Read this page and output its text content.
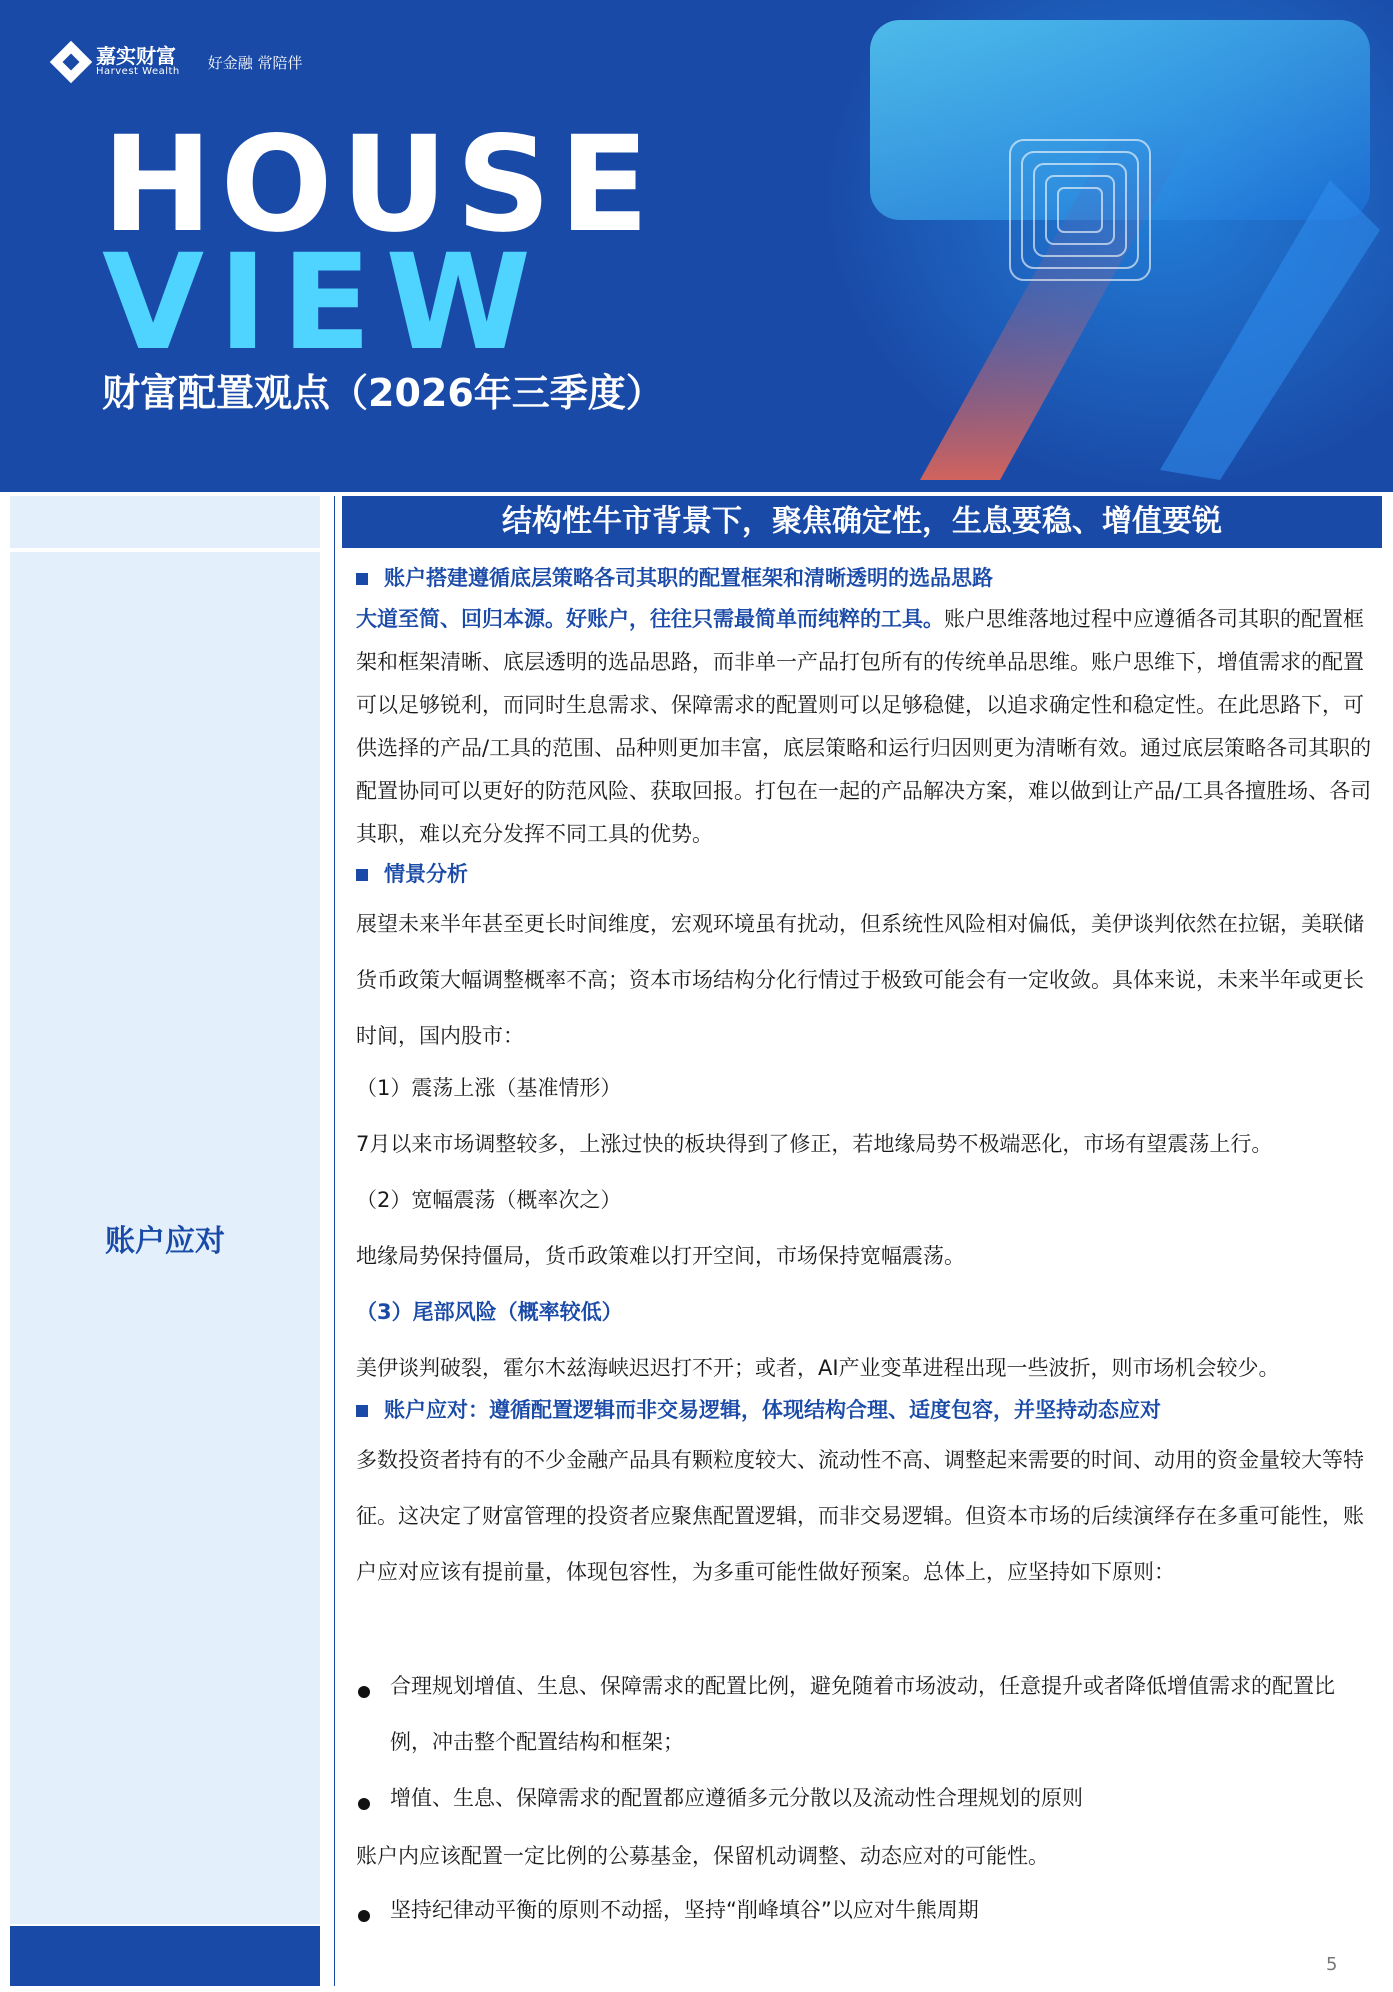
嘉实财富
Harvest Wealth 好金融 常陪伴
HOUSE
VIEW
财富配置观点（2026年三季度）
账户应对
结构性牛市背景下，聚焦确定性，生息要稳、增值要锐
账户搭建遵循底层策略各司其职的配置框架和清晰透明的选品思路
大道至简、回归本源。好账户，往往只需最简单而纯粹的工具。账户思维落地过程中应遵循各司其职的配置框架和框架清晰、底层透明的选品思路，而非单一产品打包所有的传统单品思维。账户思维下，增值需求的配置可以足够锐利，而同时生息需求、保障需求的配置则可以足够稳健，以追求确定性和稳定性。在此思路下，可供选择的产品/工具的范围、品种则更加丰富，底层策略和运行归因则更为清晰有效。通过底层策略各司其职的配置协同可以更好的防范风险、获取回报。打包在一起的产品解决方案，难以做到让产品/工具各擅胜场、各司其职，难以充分发挥不同工具的优势。
情景分析
展望未来半年甚至更长时间维度，宏观环境虽有扰动，但系统性风险相对偏低，美伊谈判依然在拉锯，美联储货币政策大幅调整概率不高；资本市场结构分化行情过于极致可能会有一定收敛。具体来说，未来半年或更长时间，国内股市：
（1）震荡上涨（基准情形）
7月以来市场调整较多，上涨过快的板块得到了修正，若地缘局势不极端恶化，市场有望震荡上行。
（2）宽幅震荡（概率次之）
地缘局势保持僵局，货币政策难以打开空间，市场保持宽幅震荡。
（3）尾部风险（概率较低）
美伊谈判破裂，霍尔木兹海峡迟迟打不开；或者，AI产业变革进程出现一些波折，则市场机会较少。
账户应对：遵循配置逻辑而非交易逻辑，体现结构合理、适度包容，并坚持动态应对
多数投资者持有的不少金融产品具有颗粒度较大、流动性不高、调整起来需要的时间、动用的资金量较大等特征。这决定了财富管理的投资者应聚焦配置逻辑，而非交易逻辑。但资本市场的后续演绎存在多重可能性，账户应对应该有提前量，体现包容性，为多重可能性做好预案。总体上，应坚持如下原则：
合理规划增值、生息、保障需求的配置比例，避免随着市场波动，任意提升或者降低增值需求的配置比例，冲击整个配置结构和框架；
增值、生息、保障需求的配置都应遵循多元分散以及流动性合理规划的原则
账户内应该配置一定比例的公募基金，保留机动调整、动态应对的可能性。
坚持纪律动平衡的原则不动摇，坚持“削峰填谷”以应对牛熊周期
5
